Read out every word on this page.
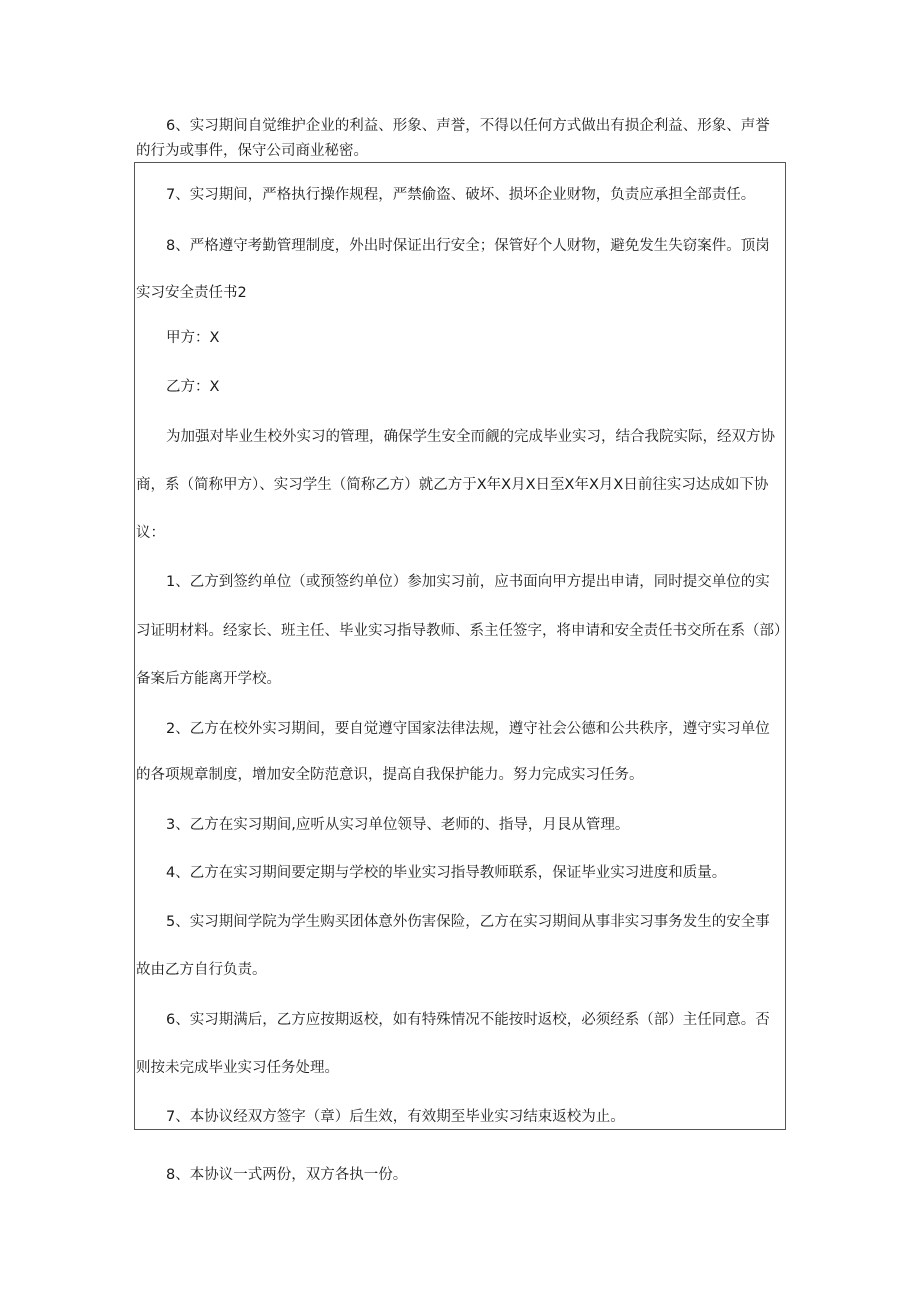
6、实习期间自觉维护企业的利益、形象、声誉，不得以任何方式做出有损企利益、形象、声誉

的行为或事件，保守公司商业秘密。

7、实习期间，严格执行操作规程，严禁偷盗、破坏、损坏企业财物，负责应承担全部责任。

8、严格遵守考勤管理制度，外出时保证出行安全；保管好个人财物，避免发生失窃案件。顶岗

实习安全责任书2

甲方：X

乙方：X

为加强对毕业生校外实习的管理，确保学生安全而觎的完成毕业实习，结合我院实际，经双方协

商，系（简称甲方）、实习学生（简称乙方）就乙方于X年X月X日至X年X月X日前往实习达成如下协

议：

1、乙方到签约单位（或预签约单位）参加实习前，应书面向甲方提出申请，同时提交单位的实

习证明材料。经家长、班主任、毕业实习指导教师、系主任签字，将申请和安全责任书交所在系（部）

备案后方能离开学校。

2、乙方在校外实习期间，要自觉遵守国家法律法规，遵守社会公德和公共秩序，遵守实习单位

的各项规章制度，增加安全防范意识，提高自我保护能力。努力完成实习任务。

3、乙方在实习期间,应听从实习单位领导、老师的、指导，月艮从管理。

4、乙方在实习期间要定期与学校的毕业实习指导教师联系，保证毕业实习进度和质量。

5、实习期间学院为学生购买团体意外伤害保险，乙方在实习期间从事非实习事务发生的安全事

故由乙方自行负责。

6、实习期满后，乙方应按期返校，如有特殊情况不能按时返校，必须经系（部）主任同意。否

则按未完成毕业实习任务处理。

7、本协议经双方签字（章）后生效，有效期至毕业实习结束返校为止。

8、本协议一式两份，双方各执一份。
